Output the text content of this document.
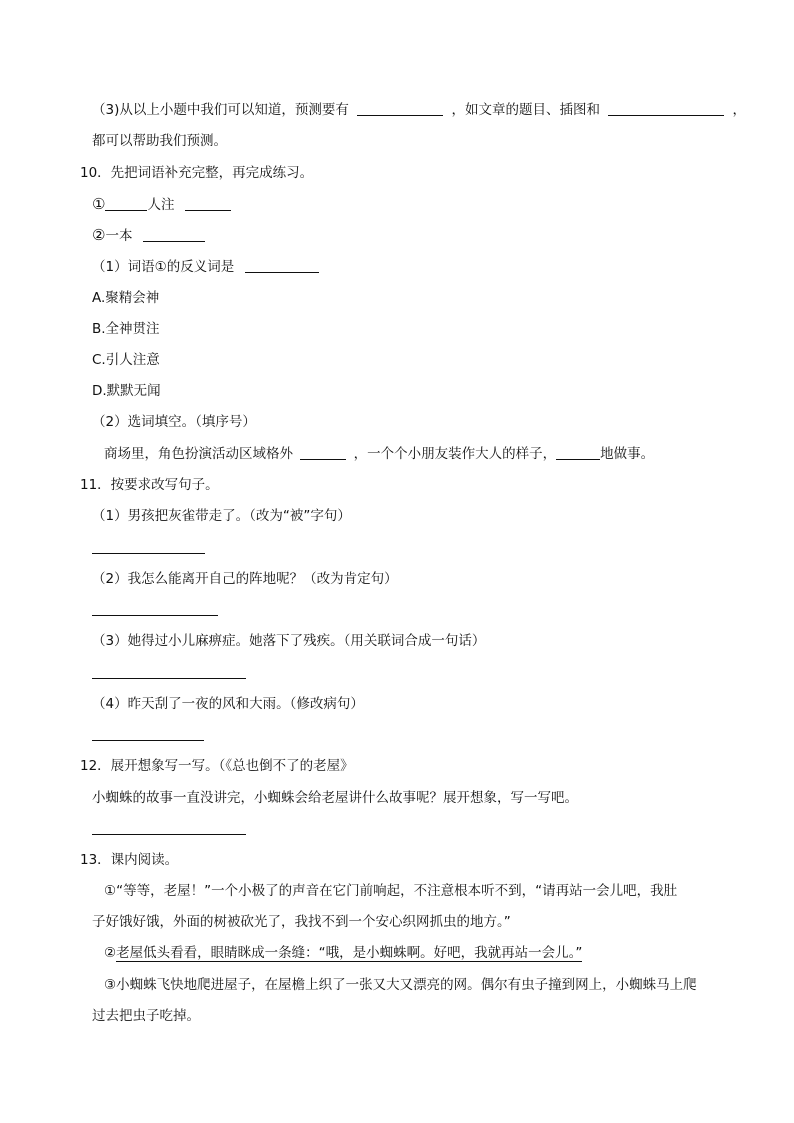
（3)从以上小题中我们可以知道，预测要有	，如文章的题目、插图和	，
都可以帮助我们预测。
10．先把词语补充完整，再完成练习。
①	人注
②一本
（1）词语①的反义词是
A.聚精会神
B.全神贯注
C.引人注意
D.默默无闻
（2）选词填空。（填序号）
商场里，角色扮演活动区域格外	，一个个小朋友装作大人的样子，	地做事。
11．按要求改写句子。
（1）男孩把灰雀带走了。（改为“被”字句）
（2）我怎么能离开自己的阵地呢？（改为肯定句）
（3）她得过小儿麻痹症。她落下了残疾。（用关联词合成一句话）
（4）昨天刮了一夜的风和大雨。（修改病句）
12．展开想象写一写。（《总也倒不了的老屋》
小蜘蛛的故事一直没讲完，小蜘蛛会给老屋讲什么故事呢？展开想象，写一写吧。
13．课内阅读。
①“等等，老屋！”一个小极了的声音在它门前响起，不注意根本听不到，“请再站一会儿吧，我肚
子好饿好饿，外面的树被砍光了，我找不到一个安心织网抓虫的地方。”
②老屋低头看看，眼睛眯成一条缝：“哦，是小蜘蛛啊。好吧，我就再站一会儿。”
③小蜘蛛飞快地爬进屋子，在屋檐上织了一张又大又漂亮的网。偶尔有虫子撞到网上，小蜘蛛马上爬
过去把虫子吃掉。
